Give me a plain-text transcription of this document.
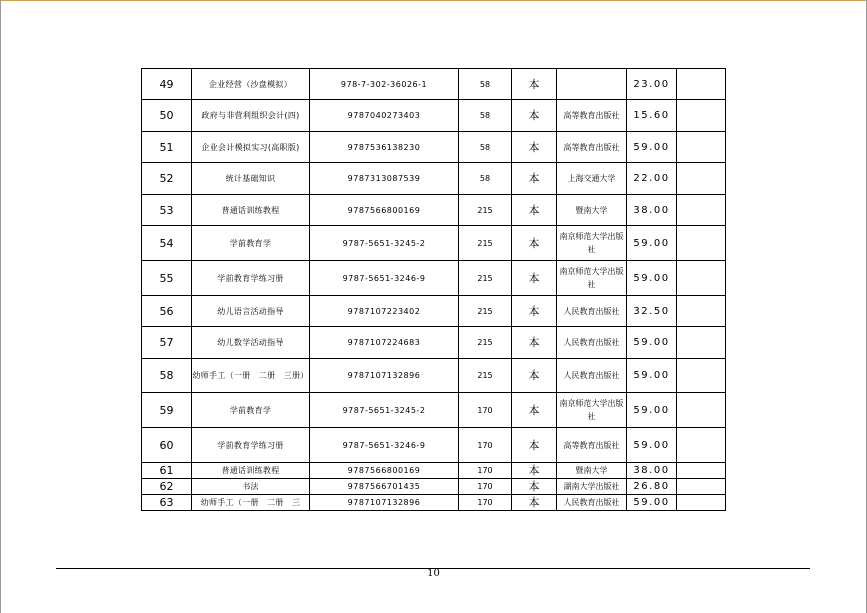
49	企业经营（沙盘模拟）	978-7-302-36026-1	58	本		23.00	
50	政府与非营利组织会计(四)	9787040273403	58	本	高等教育出版社	15.60	
51	企业会计模拟实习(高职版)	9787536138230	58	本	高等教育出版社	59.00	
52	统计基础知识	9787313087539	58	本	上海交通大学	22.00	
53	普通话训练教程	9787566800169	215	本	暨南大学	38.00	
54	学前教育学	9787-5651-3245-2	215	本	南京师范大学出版社	59.00	
55	学前教育学练习册	9787-5651-3246-9	215	本	南京师范大学出版社	59.00	
56	幼儿语言活动指导	9787107223402	215	本	人民教育出版社	32.50	
57	幼儿数学活动指导	9787107224683	215	本	人民教育出版社	59.00	
58	幼师手工（一册　二册　三册）	9787107132896	215	本	人民教育出版社	59.00	
59	学前教育学	9787-5651-3245-2	170	本	南京师范大学出版社	59.00	
60	学前教育学练习册	9787-5651-3246-9	170	本	高等教育出版社	59.00	
61	普通话训练教程	9787566800169	170	本	暨南大学	38.00	
62	书法	9787566701435	170	本	湖南大学出版社	26.80	
63	幼师手工（一册　二册　三	9787107132896	170	本	人民教育出版社	59.00	
10
